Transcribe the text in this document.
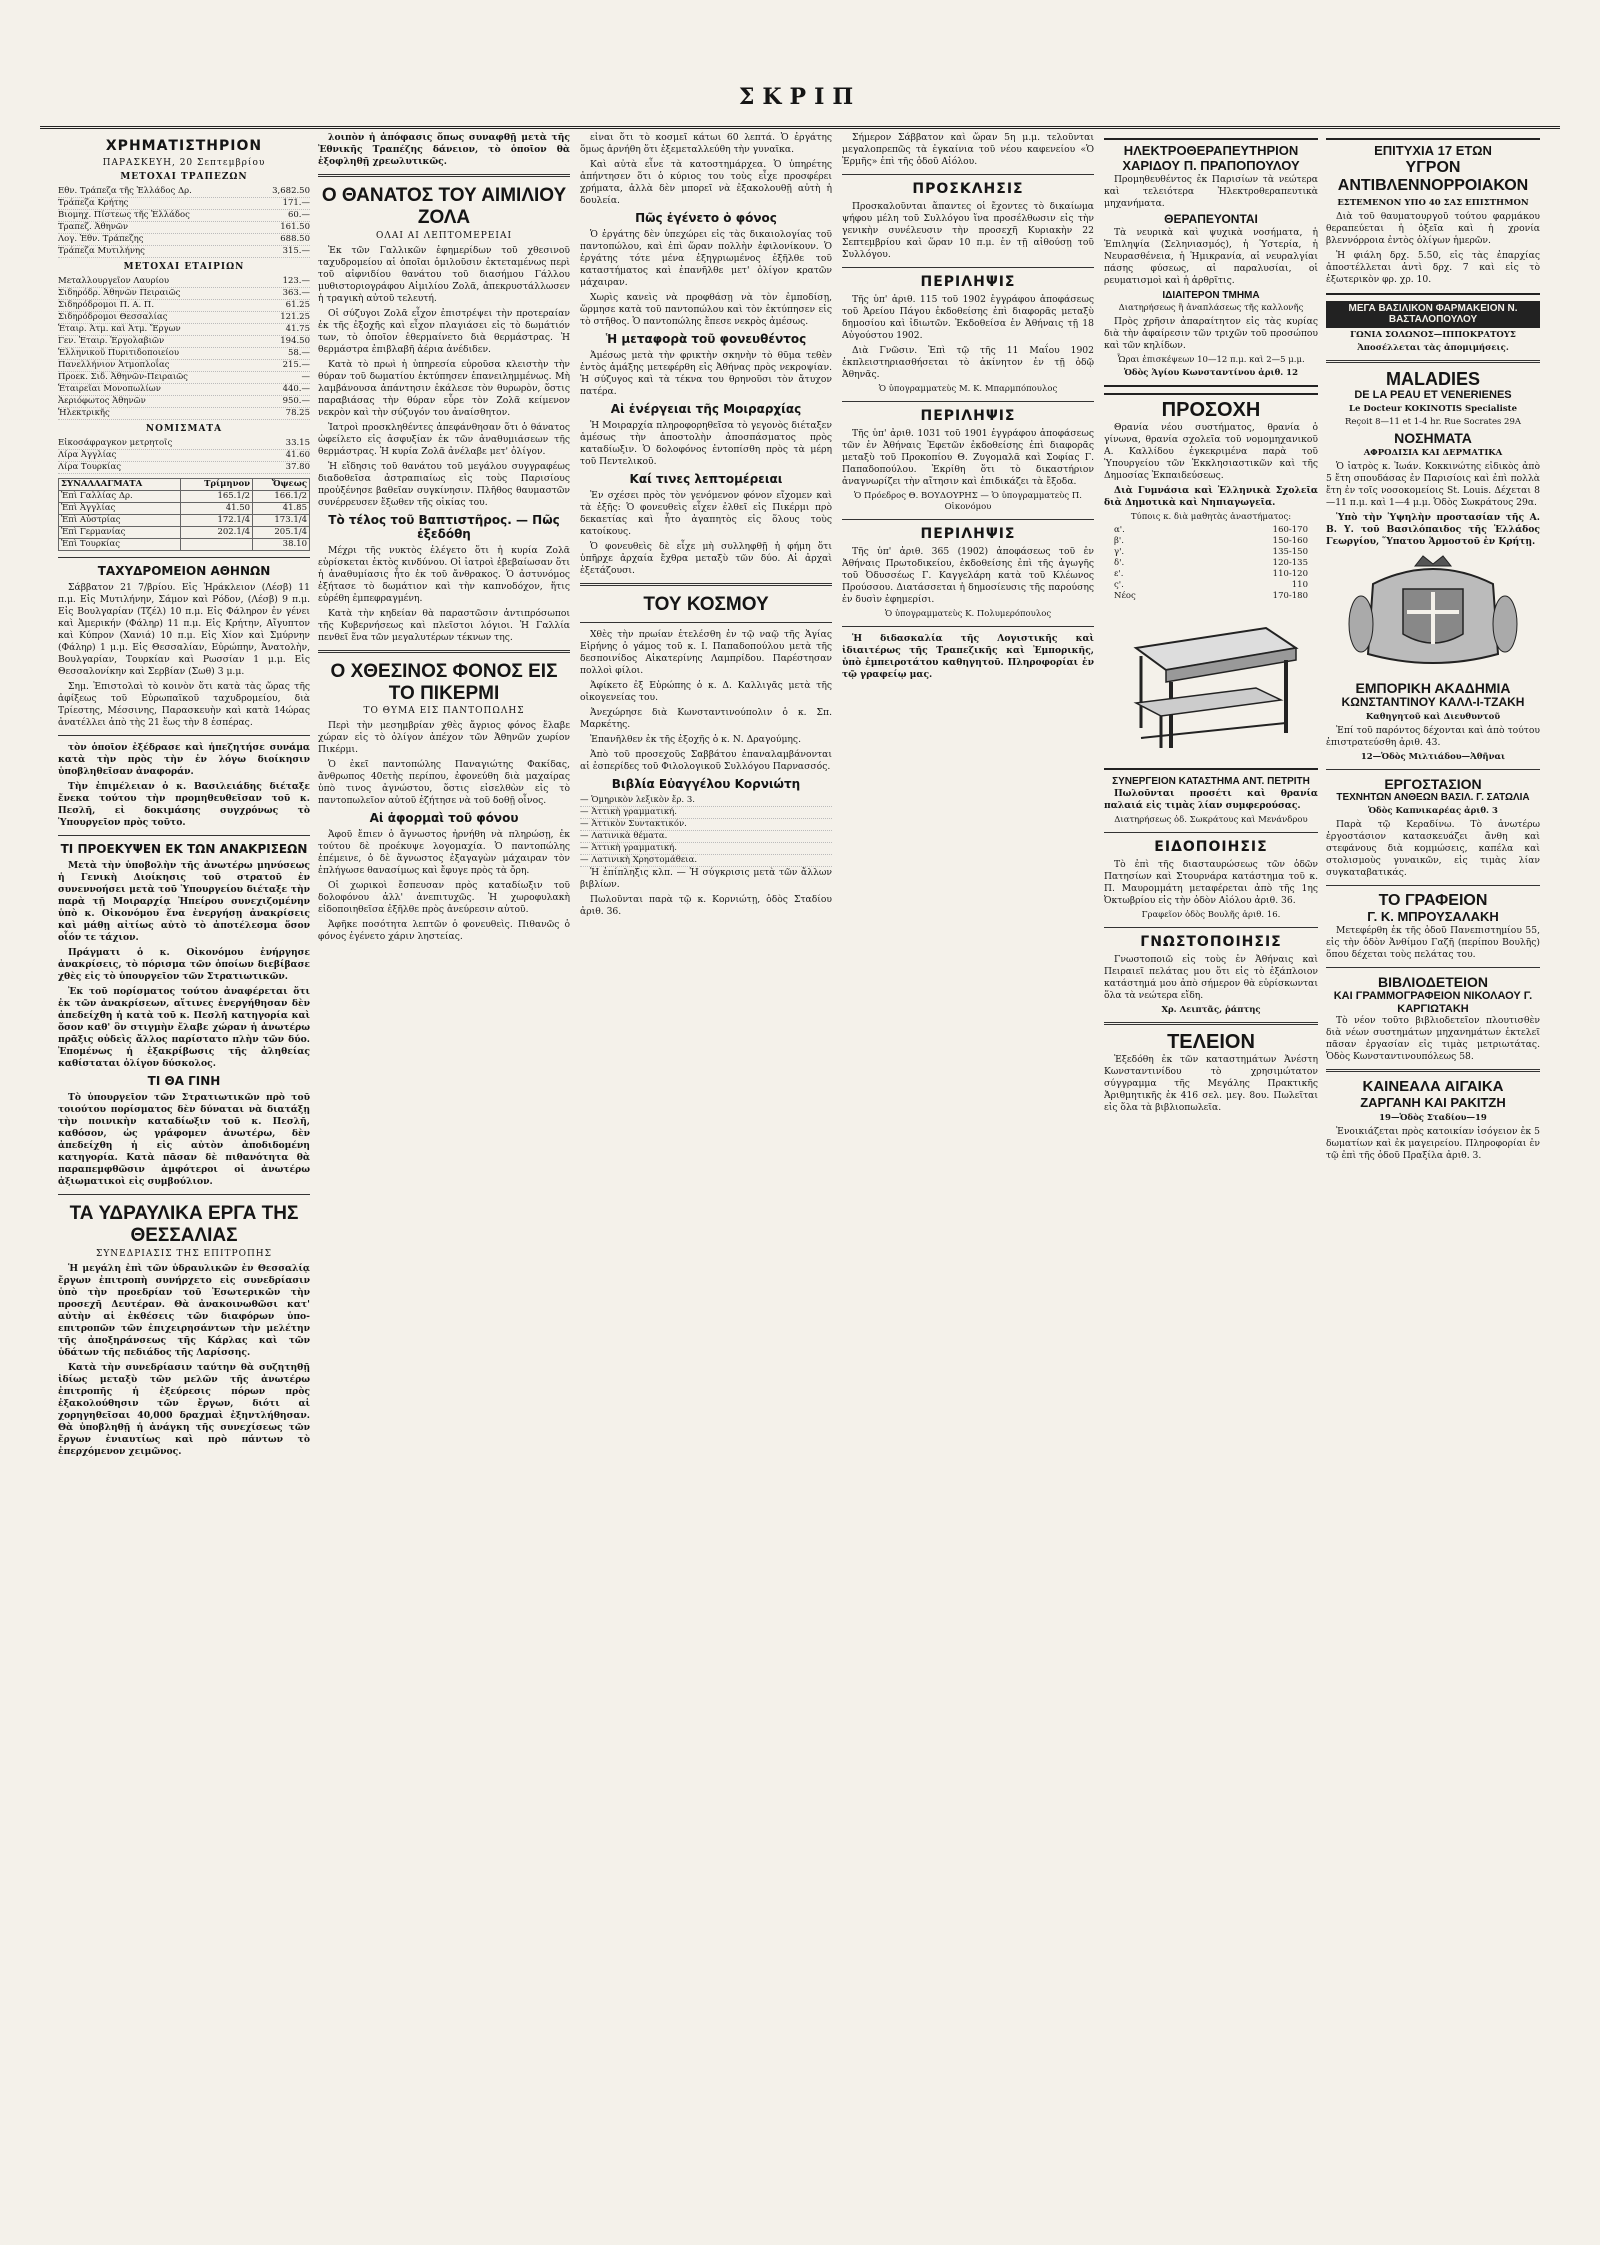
ΣΚΡΙΠ
ΧΡΗΜΑΤΙΣΤΗΡΙΟΝ
ΠΑΡΑΣΚΕΥΗ, 20 Σεπτεμβρίου
ΜΕΤΟΧΑΙ ΤΡΑΠΕΖΩΝ
Εθν. Τράπεζα τῆς Ἑλλάδος Δρ.	3,682.50
Τράπεζα Κρήτης	171.—
Βιομηχ. Πίστεως τῆς Ἑλλάδος	60.—
Τραπεζ. Ἀθηνῶν	161.50
Λογ. Ἐθν. Τράπεζης	688.50
Τράπεζα Μυτιλήνης	315.—
ΜΕΤΟΧΑΙ ΕΤΑΙΡΙΩΝ
Μεταλλουργεῖον Λαυρίου	123.—
Σιδηρόδρ. Ἀθηνῶν Πειραιῶς	363.—
Σιδηρόδρομοι Π. Α. Π.	61.25
Σιδηρόδρομοι Θεσσαλίας	121.25
Ἑταιρ. Ἀτμ. καὶ Ἀτμ. Ἔργων	41.75
Γεν. Ἑταιρ. Ἐργολαβιῶν	194.50
Ἑλληνικοῦ Πυριτιδοποιείου	58.—
Πανελλήνιον Ἀτμοπλοΐας	215.—
Προεκ. Σιδ. Ἀθηνῶν-Πειραιῶς	—
Ἑταιρεῖαι Μονοπωλίων	440.—
Ἀεριόφωτος Ἀθηνῶν	950.—
Ἠλεκτρικῆς	78.25
ΝΟΜΙΣΜΑΤΑ
Εἰκοσάφραγκον μετρητοῖς	33.15
Λίρα Ἀγγλίας	41.60
Λίρα Τουρκίας	37.80
ΣΥΝΑΛΛΑΓΜΑΤΑ	Τρίμηνον	Ὄψεως
Ἐπὶ Γαλλίας Δρ.	165.1/2	166.1/2
Ἐπὶ Ἀγγλίας	41.50	41.85
Ἐπὶ Αὐστρίας	172.1/4	173.1/4
Ἐπὶ Γερμανίας	202.1/4	205.1/4
Ἐπὶ Τουρκίας		38.10
ΤΑΧΥΔΡΟΜΕΙΟΝ ΑΘΗΝΩΝ

Σάββατον 21 7/βρίου. Εἰς Ἡράκλειον (Λέσβ) 11 π.μ. Εἰς Μυτιλήνην, Σάμον καὶ Ρόδον, (Λέσβ) 9 π.μ. Εἰς Βουλγαρίαν (Τζέλ) 10 π.μ. Εἰς Φάληρον ἐν γένει καὶ Ἀμερικήν (Φάληρ) 11 π.μ. Εἰς Κρήτην, Αἴγυπτον καὶ Κύπρον (Χανιά) 10 π.μ. Εἰς Χίον καὶ Σμύρνην (Φάληρ) 1 μ.μ. Εἰς Θεσσαλίαν, Εὐρώπην, Ἀνατολὴν, Βουλγαρίαν, Τουρκίαν καὶ Ρωσσίαν 1 μ.μ. Εἰς Θεσσαλονίκην καὶ Σερβίαν (Σωθ) 3 μ.μ.

Σημ. Ἐπιστολαὶ τὸ κοινὸν ὅτι κατὰ τὰς ὥρας τῆς ἀφίξεως τοῦ Εὐρωπαϊκοῦ ταχυδρομείου, διὰ Τρίεστης, Μέσσινης, Παρασκευὴν καὶ κατὰ 14ώρας ἀνατέλλει ἀπὸ τὴς 21 ἕως τὴν 8 ἐσπέρας.

τὸν ὁποῖον ἐξέδρασε καὶ ἡπεζητήσε συνάμα κατὰ τὴν πρὸς τὴν ἐν λόγω διοίκησιν ὑποβληθεῖσαν ἀναφοράν.

Τὴν ἐπιμέλειαν ὁ κ. Βασιλειάδης διέταξε ἔνεκα τούτου τὴν προμηθευθεῖσαν τοῦ κ. Πεσλῆ, εἰ δοκιμάσης συγχρόνως τὸ Ὑπουργεῖον πρὸς τοῦτο.

ΤΙ ΠΡΟΕΚΥΨΕΝ ΕΚ ΤΩΝ ΑΝΑΚΡΙΣΕΩΝ

Μετὰ τὴν ὑποβολὴν τῆς ἀνωτέρω μηνύσεως ἡ Γενικὴ Διοίκησις τοῦ στρατοῦ ἐν συνεννοήσει μετὰ τοῦ Ὑπουργείου διέταξε τὴν παρὰ τῇ Μοιραρχίᾳ Ἠπείρου συνεχιζομένην ὑπὸ κ. Οἰκονόμου ἕνα ἐνεργήσῃ ἀνακρίσεις καὶ μάθῃ αἰτίως αὐτὸ τὸ ἀποτέλεσμα ὅσον οἷόν τε τάχιον.

Πράγματι ὁ κ. Οἰκονόμου ἐνήργησε ἀνακρίσεις, τὸ πόρισμα τῶν ὁποίων διεβίβασε χθὲς εἰς τὸ ὑπουργεῖον τῶν Στρατιωτικῶν.

Ἐκ τοῦ πορίσματος τούτου ἀναφέρεται ὅτι ἐκ τῶν ἀνακρίσεων, αἵτινες ἐνεργήθησαν δὲν ἀπεδείχθη ἡ κατὰ τοῦ κ. Πεσλῆ κατηγορία καὶ ὅσον καθ' ὃν στιγμὴν ἔλαβε χώραν ἡ ἀνωτέρω πρᾶξις οὐδεὶς ἄλλος παρίστατο πλὴν τῶν δύο. Ἐπομένως ἡ ἐξακρίβωσις τῆς ἀληθείας καθίσταται ὀλίγον δύσκολος.

ΤΙ ΘΑ ΓΙΝΗ

Τὸ ὑπουργεῖον τῶν Στρατιωτικῶν πρὸ τοῦ τοιούτου πορίσματος δὲν δύναται νὰ διατάξῃ τὴν ποινικὴν καταδίωξιν τοῦ κ. Πεσλῆ, καθόσον, ὡς γράφομεν ἀνωτέρω, δὲν ἀπεδείχθη ἡ εἰς αὐτὸν ἀποδιδομένη κατηγορία. Κατὰ πᾶσαν δὲ πιθανότητα θὰ παραπεμφθῶσιν ἀμφότεροι οἱ ἀνωτέρω ἀξιωματικοὶ εἰς συμβούλιον.

ΤΑ ΥΔΡΑΥΛΙΚΑ ΕΡΓΑ ΤΗΣ ΘΕΣΣΑΛΙΑΣ
ΣΥΝΕΔΡΙΑΣΙΣ ΤΗΣ ΕΠΙΤΡΟΠΗΣ

Ἡ μεγάλη ἐπὶ τῶν ὑδραυλικῶν ἐν Θεσσαλίᾳ ἔργων ἐπιτροπὴ συνήρχετο εἰς συνεδρίασιν ὑπὸ τὴν προεδρίαν τοῦ Ἐσωτερικῶν τὴν προσεχῆ Δευτέραν. Θὰ ἀνακοινωθῶσι κατ' αὐτὴν αἱ ἐκθέσεις τῶν διαφόρων ὑπο-επιτροπῶν τῶν ἐπιχειρησάντων τὴν μελέτην τῆς ἀποξηράνσεως τῆς Κάρλας καὶ τῶν ὑδάτων τῆς πεδιάδος τῆς Λαρίσσης.

Κατὰ τὴν συνεδρίασιν ταύτην θὰ συζητηθῇ ἰδίως μεταξὺ τῶν μελῶν τῆς ἀνωτέρω ἐπιτροπῆς ἡ ἐξεύρεσις πόρων πρὸς ἐξακολούθησιν τῶν ἔργων, διότι αἱ χορηγηθεῖσαι 40,000 δραχμαὶ ἐξηντλήθησαν. Θὰ ὑποβληθῇ ἡ ἀνάγκη τῆς συνεχίσεως τῶν ἔργων ἐνιαυτίως καὶ πρὸ πάντων τὸ ἐπερχόμενον χειμῶνος.

λοιπὸν ἡ ἀπόφασις ὅπως συναφθῇ μετὰ τῆς Ἐθνικῆς Τραπέζης δάνειον, τὸ ὁποῖον θὰ ἐξοφληθῇ χρεωλυτικῶς.

Ο ΘΑΝΑΤΟΣ ΤΟΥ ΑΙΜΙΛΙΟΥ ΖΟΛΑ
ΟΛΑΙ ΑΙ ΛΕΠΤΟΜΕΡΕΙΑΙ

Ἐκ τῶν Γαλλικῶν ἐφημερίδων τοῦ χθεσινοῦ ταχυδρομείου αἱ ὁποῖαι ὁμιλοῦσιν ἐκτεταμένως περὶ τοῦ αἰφνιδίου θανάτου τοῦ διασήμου Γάλλου μυθιστοριογράφου Αἰμιλίου Ζολᾶ, ἀπεκρυστάλλωσεν ἡ τραγικὴ αὐτοῦ τελευτή.

Οἱ σύζυγοι Ζολᾶ εἶχον ἐπιστρέψει τὴν προτεραίαν ἐκ τῆς ἐξοχῆς καὶ εἶχον πλαγιάσει εἰς τὸ δωμάτιόν των, τὸ ὁποῖον ἐθερμαίνετο διὰ θερμάστρας. Ἡ θερμάστρα ἐπιβλαβῆ ἀέρια ἀνέδιδεν.

Κατὰ τὸ πρωὶ ἡ ὑπηρεσία εὑροῦσα κλειστὴν τὴν θύραν τοῦ δωματίου ἐκτύπησεν ἐπανειλημμένως. Μὴ λαμβάνουσα ἀπάντησιν ἐκάλεσε τὸν θυρωρὸν, ὅστις παραβιάσας τὴν θύραν εὗρε τὸν Ζολᾶ κείμενον νεκρὸν καὶ τὴν σύζυγόν του ἀναίσθητον.

Ἰατροὶ προσκληθέντες ἀπεφάνθησαν ὅτι ὁ θάνατος ὠφείλετο εἰς ἀσφυξίαν ἐκ τῶν ἀναθυμιάσεων τῆς θερμάστρας. Ἡ κυρία Ζολᾶ ἀνέλαβε μετ' ὀλίγον.

Ἡ εἴδησις τοῦ θανάτου τοῦ μεγάλου συγγραφέως διαδοθεῖσα ἀστραπιαίως εἰς τοὺς Παρισίους προὐξένησε βαθεῖαν συγκίνησιν. Πλῆθος θαυμαστῶν συνέρρευσεν ἔξωθεν τῆς οἰκίας του.

Τὸ τέλος τοῦ Βαπτιστῆρος. — Πῶς ἐξεδόθη

Μέχρι τῆς νυκτὸς ἐλέγετο ὅτι ἡ κυρία Ζολᾶ εὑρίσκεται ἐκτὸς κινδύνου. Οἱ ἰατροὶ ἐβεβαίωσαν ὅτι ἡ ἀναθυμίασις ἦτο ἐκ τοῦ ἄνθρακος. Ὁ ἀστυνόμος ἐξήτασε τὸ δωμάτιον καὶ τὴν καπνοδόχον, ἥτις εὑρέθη ἐμπεφραγμένη.

Κατὰ τὴν κηδείαν θὰ παραστῶσιν ἀντιπρόσωποι τῆς Κυβερνήσεως καὶ πλεῖστοι λόγιοι. Ἡ Γαλλία πενθεῖ ἕνα τῶν μεγαλυτέρων τέκνων της.

Ο ΧΘΕΣΙΝΟΣ ΦΟΝΟΣ ΕΙΣ ΤΟ ΠΙΚΕΡΜΙ
ΤΟ ΘΥΜΑ ΕΙΣ ΠΑΝΤΟΠΩΛΗΣ

Περὶ τὴν μεσημβρίαν χθὲς ἄγριος φόνος ἔλαβε χώραν εἰς τὸ ὀλίγον ἀπέχον τῶν Ἀθηνῶν χωρίον Πικέρμι.

Ὁ ἐκεῖ παντοπώλης Παναγιώτης Φακίδας, ἄνθρωπος 40ετὴς περίπου, ἐφονεύθη διὰ μαχαίρας ὑπὸ τινος ἀγνώστου, ὅστις εἰσελθὼν εἰς τὸ παντοπωλεῖον αὐτοῦ ἐζήτησε νὰ τοῦ δοθῇ οἶνος.

Αἱ ἀφορμαὶ τοῦ φόνου

Ἀφοῦ ἔπιεν ὁ ἄγνωστος ἠρνήθη νὰ πληρώσῃ, ἐκ τούτου δὲ προέκυψε λογομαχία. Ὁ παντοπώλης ἐπέμεινε, ὁ δὲ ἄγνωστος ἐξαγαγὼν μάχαιραν τὸν ἐπλήγωσε θανασίμως καὶ ἔφυγε πρὸς τὰ ὄρη.

Οἱ χωρικοὶ ἔσπευσαν πρὸς καταδίωξιν τοῦ δολοφόνου ἀλλ' ἀνεπιτυχῶς. Ἡ χωροφυλακὴ εἰδοποιηθεῖσα ἐξῆλθε πρὸς ἀνεύρεσιν αὐτοῦ.

Ἀφῆκε ποσότητα λεπτῶν ὁ φονευθεὶς. Πιθανῶς ὁ φόνος ἐγένετο χάριν ληστείας.

εἶναι ὅτι τὸ κοσμεῖ κάτωι 60 λεπτά. Ὁ ἐργάτης ὅμως ἀρνήθη ὅτι ἐξεμεταλλεύθη τὴν γυναῖκα.

Καὶ αὐτὰ εἶνε τὰ κατοστημάρχεα. Ὁ ὑπηρέτης ἀπήντησεν ὅτι ὁ κύριος του τοὺς εἶχε προσφέρει χρήματα, ἀλλὰ δὲν μπορεῖ νὰ ἐξακολουθῇ αὐτὴ ἡ δουλεία.

Πῶς ἐγένετο ὁ φόνος

Ὁ ἐργάτης δὲν ὑπεχώρει εἰς τὰς δικαιολογίας τοῦ παντοπώλου, καὶ ἐπὶ ὥραν πολλὴν ἐφιλονίκουν. Ὁ ἐργάτης τότε μένα ἐξηγριωμένος ἐξῆλθε τοῦ καταστήματος καὶ ἐπανῆλθε μετ' ὀλίγον κρατῶν μάχαιραν.

Χωρὶς κανεὶς νὰ προφθάσῃ νὰ τὸν ἐμποδίσῃ, ὥρμησε κατὰ τοῦ παντοπώλου καὶ τὸν ἐκτύπησεν εἰς τὸ στῆθος. Ὁ παντοπώλης ἔπεσε νεκρὸς ἀμέσως.

Ἡ μεταφορὰ τοῦ φονευθέντος

Ἀμέσως μετὰ τὴν φρικτὴν σκηνὴν τὸ θῦμα τεθὲν ἐντὸς ἁμάξης μετεφέρθη εἰς Ἀθήνας πρὸς νεκροψίαν. Ἡ σύζυγος καὶ τὰ τέκνα του θρηνοῦσι τὸν ἄτυχον πατέρα.

Αἱ ἐνέργειαι τῆς Μοιραρχίας

Ἡ Μοιραρχία πληροφορηθεῖσα τὸ γεγονὸς διέταξεν ἀμέσως τὴν ἀποστολὴν ἀποσπάσματος πρὸς καταδίωξιν. Ὁ δολοφόνος ἐντοπίσθη πρὸς τὰ μέρη τοῦ Πεντελικοῦ.

Καί τινες λεπτομέρειαι

Ἐν σχέσει πρὸς τὸν γενόμενον φόνον εἴχομεν καὶ τὰ ἑξῆς: Ὁ φονευθεὶς εἶχεν ἐλθεῖ εἰς Πικέρμι πρὸ δεκαετίας καὶ ἦτο ἀγαπητὸς εἰς ὅλους τοὺς κατοίκους.

Ὁ φονευθεὶς δὲ εἶχε μὴ συλληφθῇ ἡ φήμη ὅτι ὑπῆρχε ἀρχαία ἔχθρα μεταξὺ τῶν δύο. Αἱ ἀρχαὶ ἐξετάζουσι.

ΤΟΥ ΚΟΣΜΟΥ

Χθὲς τὴν πρωίαν ἐτελέσθη ἐν τῷ ναῷ τῆς Ἁγίας Εἰρήνης ὁ γάμος τοῦ κ. Ι. Παπαδοπούλου μετὰ τῆς δεσποινίδος Αἰκατερίνης Λαμπρίδου. Παρέστησαν πολλοὶ φίλοι.

Ἀφίκετο ἐξ Εὐρώπης ὁ κ. Δ. Καλλιγᾶς μετὰ τῆς οἰκογενείας του.

Ἀνεχώρησε διὰ Κωνσταντινούπολιν ὁ κ. Σπ. Μαρκέτης.

Ἐπανῆλθεν ἐκ τῆς ἐξοχῆς ὁ κ. Ν. Δραγούμης.

Ἀπὸ τοῦ προσεχοῦς Σαββάτου ἐπαναλαμβάνονται αἱ ἑσπερίδες τοῦ Φιλολογικοῦ Συλλόγου Παρνασσός.

Βιβλία Εὐαγγέλου Κορνιώτη
— Ὁμηρικὸν λεξικὸν ἔρ. 3.
— Ἀττικὴ γραμματική.
— Ἀττικὸν Συντακτικόν.
— Λατινικὰ θέματα.
— Ἀττικὴ γραμματική.
— Λατινικὴ Χρηστομάθεια.

Ἡ ἐπίπληξις κλπ. — Ἡ σύγκρισις μετὰ τῶν ἄλλων βιβλίων.

Πωλοῦνται παρὰ τῷ κ. Κορνιώτῃ, ὁδὸς Σταδίου ἀριθ. 36.

Σήμερον Σάββατον καὶ ὥραν 5η μ.μ. τελοῦνται μεγαλοπρεπῶς τὰ ἐγκαίνια τοῦ νέου καφενείου «Ὁ Ἑρμῆς» ἐπὶ τῆς ὁδοῦ Αἰόλου.

ΠΡΟΣΚΛΗΣΙΣ

Προσκαλοῦνται ἅπαντες οἱ ἔχοντες τὸ δικαίωμα ψήφου μέλη τοῦ Συλλόγου ἵνα προσέλθωσιν εἰς τὴν γενικὴν συνέλευσιν τὴν προσεχῆ Κυριακὴν 22 Σεπτεμβρίου καὶ ὥραν 10 π.μ. ἐν τῇ αἰθούσῃ τοῦ Συλλόγου.

ΠΕΡΙΛΗΨΙΣ

Τῆς ὑπ' ἀριθ. 115 τοῦ 1902 ἐγγράφου ἀποφάσεως τοῦ Ἀρείου Πάγου ἐκδοθείσης ἐπὶ διαφορᾶς μεταξὺ δημοσίου καὶ ἰδιωτῶν. Ἐκδοθείσα ἐν Ἀθήναις τῇ 18 Αὐγούστου 1902.

Διὰ Γνῶσιν. Ἐπὶ τῷ τῆς 11 Μαΐου 1902 ἐκπλειστηριασθήσεται τὸ ἀκίνητον ἐν τῇ ὁδῷ Ἀθηνᾶς.

Ὁ ὑπογραμματεὺς Μ. Κ. Μπαρμπόπουλος

ΠΕΡΙΛΗΨΙΣ

Τῆς ὑπ' ἀριθ. 1031 τοῦ 1901 ἐγγράφου ἀποφάσεως τῶν ἐν Ἀθήναις Ἐφετῶν ἐκδοθείσης ἐπὶ διαφορᾶς μεταξὺ τοῦ Προκοπίου Θ. Ζυγομαλᾶ καὶ Σοφίας Γ. Παπαδοπούλου. Ἐκρίθη ὅτι τὸ δικαστήριον ἀναγνωρίζει τὴν αἴτησιν καὶ ἐπιδικάζει τὰ ἔξοδα.

Ὁ Πρόεδρος Θ. ΒΟΥΔΟΥΡΗΣ — Ὁ ὑπογραμματεὺς Π. Οἰκονόμου

ΠΕΡΙΛΗΨΙΣ

Τῆς ὑπ' ἀριθ. 365 (1902) ἀποφάσεως τοῦ ἐν Ἀθήναις Πρωτοδικείου, ἐκδοθείσης ἐπὶ τῆς ἀγωγῆς τοῦ Ὀδυσσέως Γ. Καγγελάρη κατὰ τοῦ Κλέωνος Προύσσου. Διατάσσεται ἡ δημοσίευσις τῆς παρούσης ἐν δυσὶν ἐφημερίσι.

Ὁ ὑπογραμματεὺς Κ. Πολυμερόπουλος

Ἡ διδασκαλία τῆς Λογιστικῆς καὶ ἰδιαιτέρως τῆς Τραπεζικῆς καὶ Ἐμπορικῆς, ὑπὸ ἐμπειροτάτου καθηγητοῦ. Πληροφορίαι ἐν τῷ γραφείῳ μας.

ΗΛΕΚΤΡΟΘΕΡΑΠΕΥΤΗΡΙΟΝ ΧΑΡΙΔΟΥ Π. ΠΡΑΠΟΠΟΥΛΟΥ

Προμηθευθέντος ἐκ Παρισίων τὰ νεώτερα καὶ τελειότερα Ἠλεκτροθεραπευτικὰ μηχανήματα.

ΘΕΡΑΠΕΥΟΝΤΑΙ

Τὰ νευρικὰ καὶ ψυχικὰ νοσήματα, ἡ Ἐπιληψία (Σεληνιασμός), ἡ Ὑστερία, ἡ Νευρασθένεια, ἡ Ἡμικρανία, αἱ νευραλγίαι πάσης φύσεως, αἱ παραλυσίαι, οἱ ρευματισμοὶ καὶ ἡ ἀρθρῖτις.

ΙΔΙΑΙΤΕΡΟΝ ΤΜΗΜΑ
Διατηρήσεως ἢ ἀναπλάσεως τῆς καλλονῆς

Πρὸς χρῆσιν ἀπαραίτητον εἰς τὰς κυρίας διὰ τὴν ἀφαίρεσιν τῶν τριχῶν τοῦ προσώπου καὶ τῶν κηλίδων.

Ὧραι ἐπισκέψεων 10—12 π.μ. καὶ 2—5 μ.μ.
Ὁδὸς Ἁγίου Κωνσταντίνου ἀριθ. 12
ΠΡΟΣΟΧΗ

Θρανία νέου συστήματος, θρανία ὁ γίνωνα, θρανία σχολεῖα τοῦ νομομηχανικοῦ Α. Καλλίδου ἐγκεκριμένα παρὰ τοῦ Ὑπουργείου τῶν Ἐκκλησιαστικῶν καὶ τῆς Δημοσίας Ἐκπαιδεύσεως.

Διὰ Γυμνάσια καὶ Ἑλληνικὰ Σχολεῖα διὰ Δημοτικὰ καὶ Νηπιαγωγεῖα.

Τύποις κ. διὰ μαθητὰς ἀναστήματος:
α'.	160-170
β'.	150-160
γ'.	135-150
δ'.	120-135
ε'.	110-120
ς'.	110
Νέος	170-180
ΣΥΝΕΡΓΕΙΟΝ ΚΑΤΑΣΤΗΜΑ ΑΝΤ. ΠΕΤΡΙΤΗ

Πωλοῦνται προσέτι καὶ θρανία παλαιά εἰς τιμὰς λίαν συμφερούσας.

Διατηρήσεως ὁδ. Σωκράτους καὶ Μενάνδρου
ΕΙΔΟΠΟΙΗΣΙΣ

Τὸ ἐπὶ τῆς διασταυρώσεως τῶν ὁδῶν Πατησίων καὶ Στουρνάρα κατάστημα τοῦ κ. Π. Μαυρομμάτη μεταφέρεται ἀπὸ τῆς 1ης Ὀκτωβρίου εἰς τὴν ὁδὸν Αἰόλου ἀριθ. 36.

Γραφεῖον ὁδὸς Βουλῆς ἀριθ. 16.
ΓΝΩΣΤΟΠΟΙΗΣΙΣ

Γνωστοποιῶ εἰς τοὺς ἐν Ἀθήναις καὶ Πειραιεῖ πελάτας μου ὅτι εἰς τὸ ἐξάπλοιον κατάστημά μου ἀπὸ σήμερον θὰ εὑρίσκωνται ὅλα τὰ νεώτερα εἴδη.

Χρ. Λειπτᾶς, ῥάπτης
ΤΕΛΕΙΟΝ

Ἐξεδόθη ἐκ τῶν καταστημάτων Ἀνέστη Κωνσταντινίδου τὸ χρησιμώτατον σύγγραμμα τῆς Μεγάλης Πρακτικῆς Ἀριθμητικῆς ἐκ 416 σελ. μεγ. 8ου. Πωλεῖται εἰς ὅλα τὰ βιβλιοπωλεῖα.

ΕΠΙΤΥΧΙΑ 17 ΕΤΩΝ
ΥΓΡΟΝ ΑΝΤΙΒΛΕΝΝΟΡΡΟΙΑΚΟΝ
ΕΣΤΕΜΕΝΟΝ ΥΠΟ 40 ΣΑΣ ΕΠΙΣΤΗΜΟΝ

Διὰ τοῦ θαυματουργοῦ τούτου φαρμάκου θεραπεύεται ἡ ὀξεῖα καὶ ἡ χρονία βλεννόρροια ἐντὸς ὀλίγων ἡμερῶν.

Ἡ φιάλη δρχ. 5.50, εἰς τὰς ἐπαρχίας ἀποστέλλεται ἀντὶ δρχ. 7 καὶ εἰς τὸ ἐξωτερικὸν φρ. χρ. 10.

ΜΕΓΑ ΒΑΣΙΛΙΚΟΝ ΦΑΡΜΑΚΕΙΟΝ Ν. ΒΑΣΤΑΛΟΠΟΥΛΟΥ
ΓΩΝΙΑ ΣΟΛΩΝΟΣ—ΙΠΠΟΚΡΑΤΟΥΣ
Ἀποσέλλεται τὰς ἀπομιμήσεις.
MALADIES
DE LA PEAU ET VENERIENES
Le Docteur KOKINOTIS Specialiste
Reçoit 8—11 et 1-4 hr. Rue Socrates 29A
ΝΟΣΗΜΑΤΑ
ΑΦΡΟΔΙΣΙΑ ΚΑΙ ΔΕΡΜΑΤΙΚΑ

Ὁ ἰατρὸς κ. Ἰωάν. Κοκκινώτης εἰδικὸς ἀπὸ 5 ἔτη σπουδάσας ἐν Παρισίοις καὶ ἐπὶ πολλὰ ἔτη ἐν τοῖς νοσοκομείοις St. Louis. Δέχεται 8—11 π.μ. καὶ 1—4 μ.μ. Ὁδὸς Σωκράτους 29α.

Ὑπὸ τὴν Ὑψηλὴν προστασίαν τῆς Α. Β. Υ. τοῦ Βασιλόπαιδος τῆς Ἑλλάδος Γεωργίου, Ὕπατου Ἁρμοστοῦ ἐν Κρήτῃ.

ΕΜΠΟΡΙΚΗ ΑΚΑΔΗΜΙΑ
ΚΩΝΣΤΑΝΤΙΝΟΥ ΚΑΛΛ-Ι-ΤΖΑΚΗ
Καθηγητοῦ καὶ Διευθυντοῦ

Ἐπί τοῦ παρόντος δέχονται καὶ ἀπὸ τούτου ἐπιστρατεύσθη ἀριθ. 43.

12—Ὁδὸς Μιλτιάδου—Ἀθῆναι
ΕΡΓΟΣΤΑΣΙΟΝ
ΤΕΧΝΗΤΩΝ ΑΝΘΕΩΝ ΒΑΣΙΛ. Γ. ΣΑΤΩΛΙΑ
Ὁδὸς Καπνικαρέας ἀριθ. 3

Παρὰ τῷ Κεραδίνω. Τὸ ἀνωτέρω ἐργοστάσιον κατασκευάζει ἄνθη καὶ στεφάνους διὰ κομμώσεις, καπέλα καὶ στολισμοὺς γυναικῶν, εἰς τιμὰς λίαν συγκαταβατικάς.

ΤΟ ΓΡΑΦΕΙΟΝ
Γ. Κ. ΜΠΡΟΥΣΑΛΑΚΗ

Μετεφέρθη ἐκ τῆς ὁδοῦ Πανεπιστημίου 55, εἰς τὴν ὁδὸν Ἀνθίμου Γαζῆ (περίπου Βουλῆς) ὅπου δέχεται τοὺς πελάτας του.

ΒΙΒΛΙΟΔΕΤΕΙΟΝ
ΚΑΙ ΓΡΑΜΜΟΓΡΑΦΕΙΟΝ ΝΙΚΟΛΑΟΥ Γ. ΚΑΡΓΙΩΤΑΚΗ

Τὸ νέον τοῦτο βιβλιοδετεῖον πλουτισθὲν διὰ νέων συστημάτων μηχανημάτων ἐκτελεῖ πᾶσαν ἐργασίαν εἰς τιμὰς μετριωτάτας. Ὁδὸς Κωνσταντινουπόλεως 58.

ΚΑΙΝΕΑΛΑ ΑΙΓΑΙΚΑ
ΖΑΡΓΑΝΗ ΚΑΙ ΡΑΚΙΤΖΗ
19—Ὁδὸς Σταδίου—19

Ἐνοικιάζεται πρὸς κατοικίαν ἰσόγειον ἐκ 5 δωματίων καὶ ἐκ μαγειρείου. Πληροφορίαι ἐν τῷ ἐπὶ τῆς ὁδοῦ Πραξίλα ἀριθ. 3.
